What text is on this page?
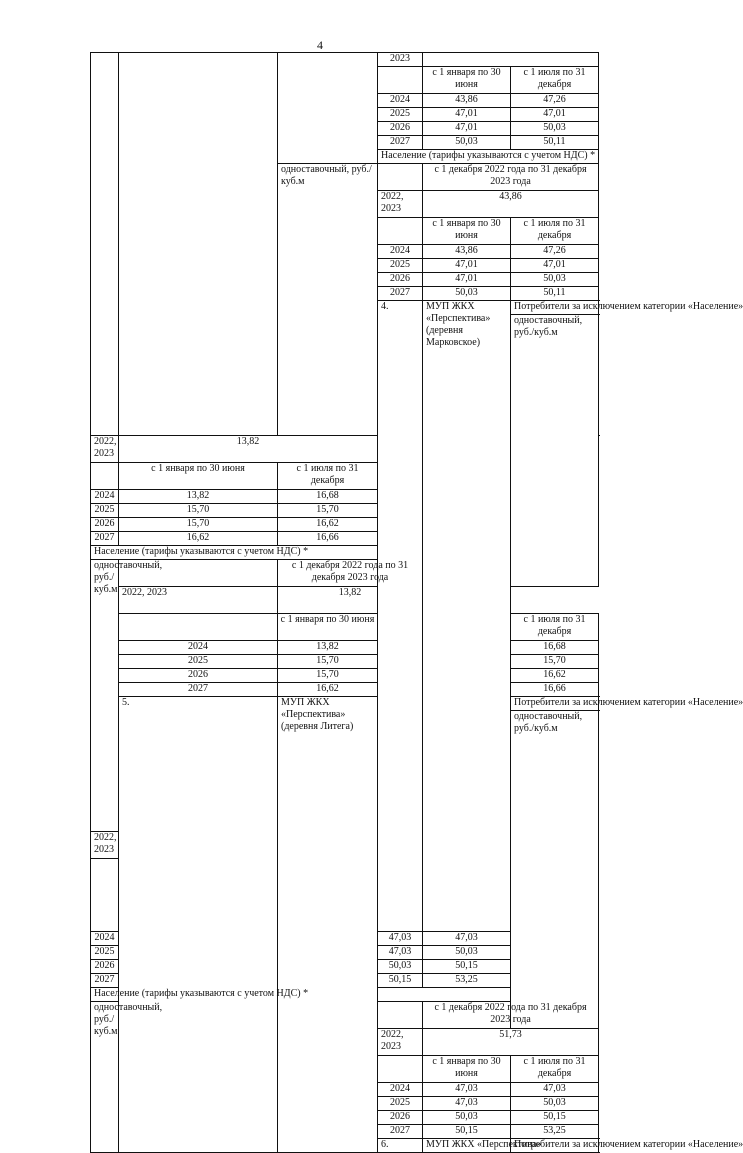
4
			2023			
				с 1 января по 30 июня	с 1 июля по 31 декабря	
			2024	43,86	47,26	
			2025	47,01	47,01	
			2026	47,01	50,03	
			2027	50,03	50,11	
			Население (тарифы указываются с учетом НДС) *			
		одноставочный, руб./куб.м		с 1 декабря 2022 года по 31 декабря 2023 года		
			2022, 2023	43,86		
				с 1 января по 30 июня	с 1 июля по 31 декабря	
			2024	43,86	47,26	
			2025	47,01	47,01	
			2026	47,01	50,03	
			2027	50,03	50,11	
			4.	МУП ЖКХ «Перспектива» (деревня Марковское)	Потребители за исключением категории «Население»	
					одноставочный, руб./куб.м		
2022, 2023	13,82					
	с 1 января по 30 июня	с 1 июля по 31 декабря				
2024	13,82	16,68				
2025	15,70	15,70				
2026	15,70	16,62				
2027	16,62	16,66				
Население (тарифы указываются с учетом НДС) *						
одноставочный, руб./куб.м		с 1 декабря 2022 года по 31 декабря 2023 года				
	2022, 2023	13,82				
		с 1 января по 30 июня			с 1 июля по 31 декабря	
	2024	13,82			16,68	
	2025	15,70			15,70	
	2026	15,70			16,62	
	2027	16,62			16,66	
	5.	МУП ЖКХ «Перспектива» (деревня Литега)			Потребители за исключением категории «Население»	
					одноставочный, руб./куб.м		
2022, 2023	

2024			47,03	47,03		
2025			47,03	50,03		
2026			50,03	50,15		
2027			50,15	53,25		
Население (тарифы указываются с учетом НДС) *						
одноставочный, руб./куб.м				с 1 декабря 2022 года по 31 декабря 2023 года		
			2022, 2023	51,73		
				с 1 января по 30 июня	с 1 июля по 31 декабря	
			2024	47,03	47,03	
			2025	47,03	50,03	
			2026	50,03	50,15	
			2027	50,15	53,25	
			6.	МУП ЖКХ «Перспектива»	Потребители за исключением категории «Население»	
